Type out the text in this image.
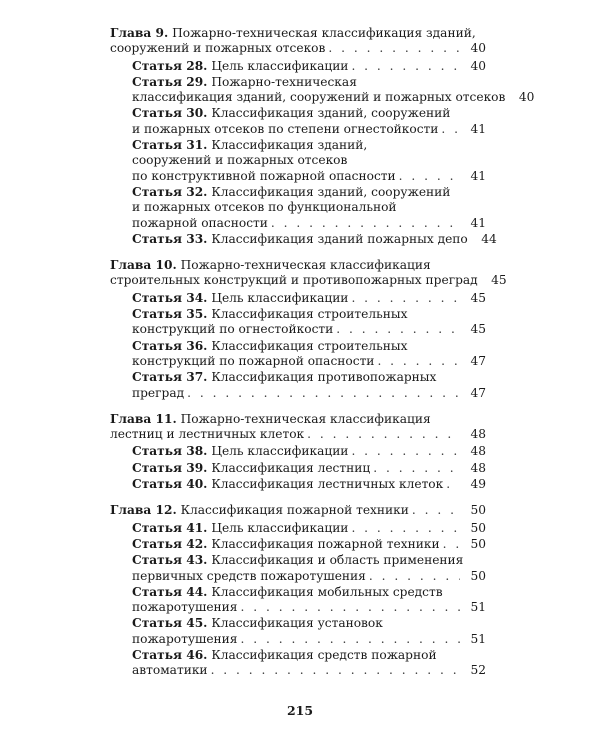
Глава 9. Пожарно-техническая классификация зданий,
сооружений и пожарных отсеков . . .	40
Статья 28. Цель классификации . . .	40
Статья 29. Пожарно-техническая
классификация зданий, сооружений и пожарных отсеков	40
Статья 30. Классификация зданий, сооружений
и пожарных отсеков по степени огнестойкости . . .	41
Статья 31. Классификация зданий,
сооружений и пожарных отсеков
по конструктивной пожарной опасности . . .	41
Статья 32. Классификация зданий, сооружений
и пожарных отсеков по функциональной
пожарной опасности . . .	41
Статья 33. Классификация зданий пожарных депо	44
Глава 10. Пожарно-техническая классификация
строительных конструкций и противопожарных преград	45
Статья 34. Цель классификации . . .	45
Статья 35. Классификация строительных
конструкций по огнестойкости . . .	45
Статья 36. Классификация строительных
конструкций по пожарной опасности . . .	47
Статья 37. Классификация противопожарных
преград . . .	47
Глава 11. Пожарно-техническая классификация
лестниц и лестничных клеток . . .	48
Статья 38. Цель классификации . . .	48
Статья 39. Классификация лестниц . . .	48
Статья 40. Классификация лестничных клеток . . .	49
Глава 12. Классификация пожарной техники . . .	50
Статья 41. Цель классификации . . .	50
Статья 42. Классификация пожарной техники . . .	50
Статья 43. Классификация и область применения
первичных средств пожаротушения . . .	50
Статья 44. Классификация мобильных средств
пожаротушения . . .	51
Статья 45. Классификация установок
пожаротушения . . .	51
Статья 46. Классификация средств пожарной
автоматики . . .	52
215
